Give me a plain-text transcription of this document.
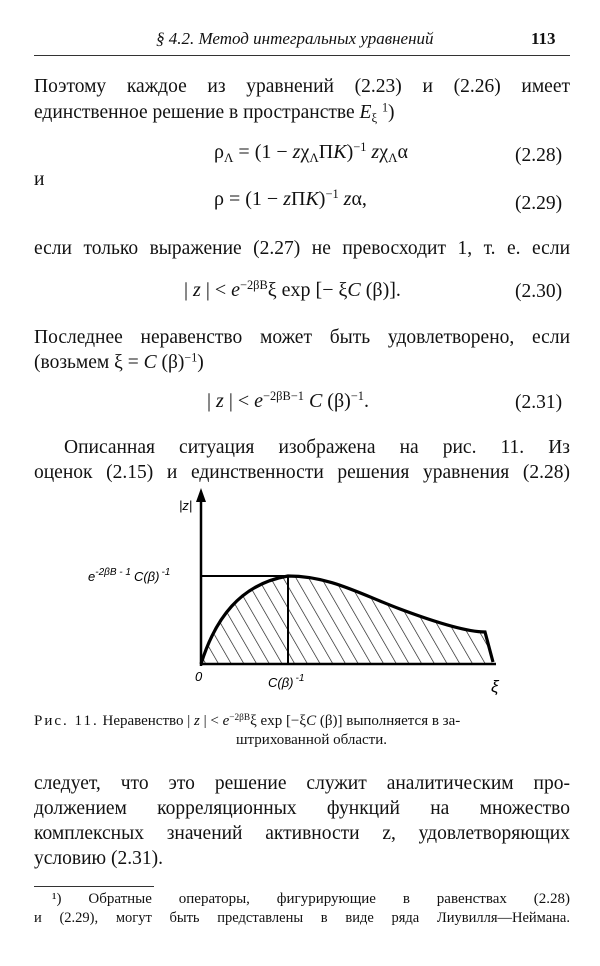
§ 4.2. Метод интегральных уравнений	113
Поэтому каждое из уравнений (2.23) и (2.26) имеет
единственное решение в пространстве $E_\xi$ $^1$)
$\rho_\Lambda = (1 - z\chi_\Lambda\Pi K)^{-1}$ $z\chi_\Lambda\alpha$	(2.28)
и
$\rho = (1 - z\Pi K)^{-1}$ zα,	(2.29)
если только выражение (2.27) не превосходит 1, т. е. если
| z | < $e^{-2\beta B}\xi$ exp [− ξC (β)].	(2.30)
Последнее неравенство может быть удовлетворено, если
(возьмем ξ = C $(\beta)^{-1}$)
| z | < $e^{-2\beta B-1}$ C $(\beta)^{-1}$.	(2.31)
Описанная ситуация изображена на рис. 11. Из
оценок (2.15) и единственности решения уравнения (2.28)
|z|
$e^{-2\beta B - 1}$ C(β) $^{-1}$
0	C(β) $^{-1}$	ξ
Рис. 11. Неравенство | z | < $e^{-2\beta B}\xi$ exp [−ξC (β)] выполняется в за-
штрихованной области.
следует, что это решение служит аналитическим про-
должением корреляционных функций на множество
комплексных значений активности z, удовлетворяющих
условию (2.31).
¹) Обратные операторы, фигурирующие в равенствах (2.28)
и (2.29), могут быть представлены в виде ряда Лиувилля—Неймана.
